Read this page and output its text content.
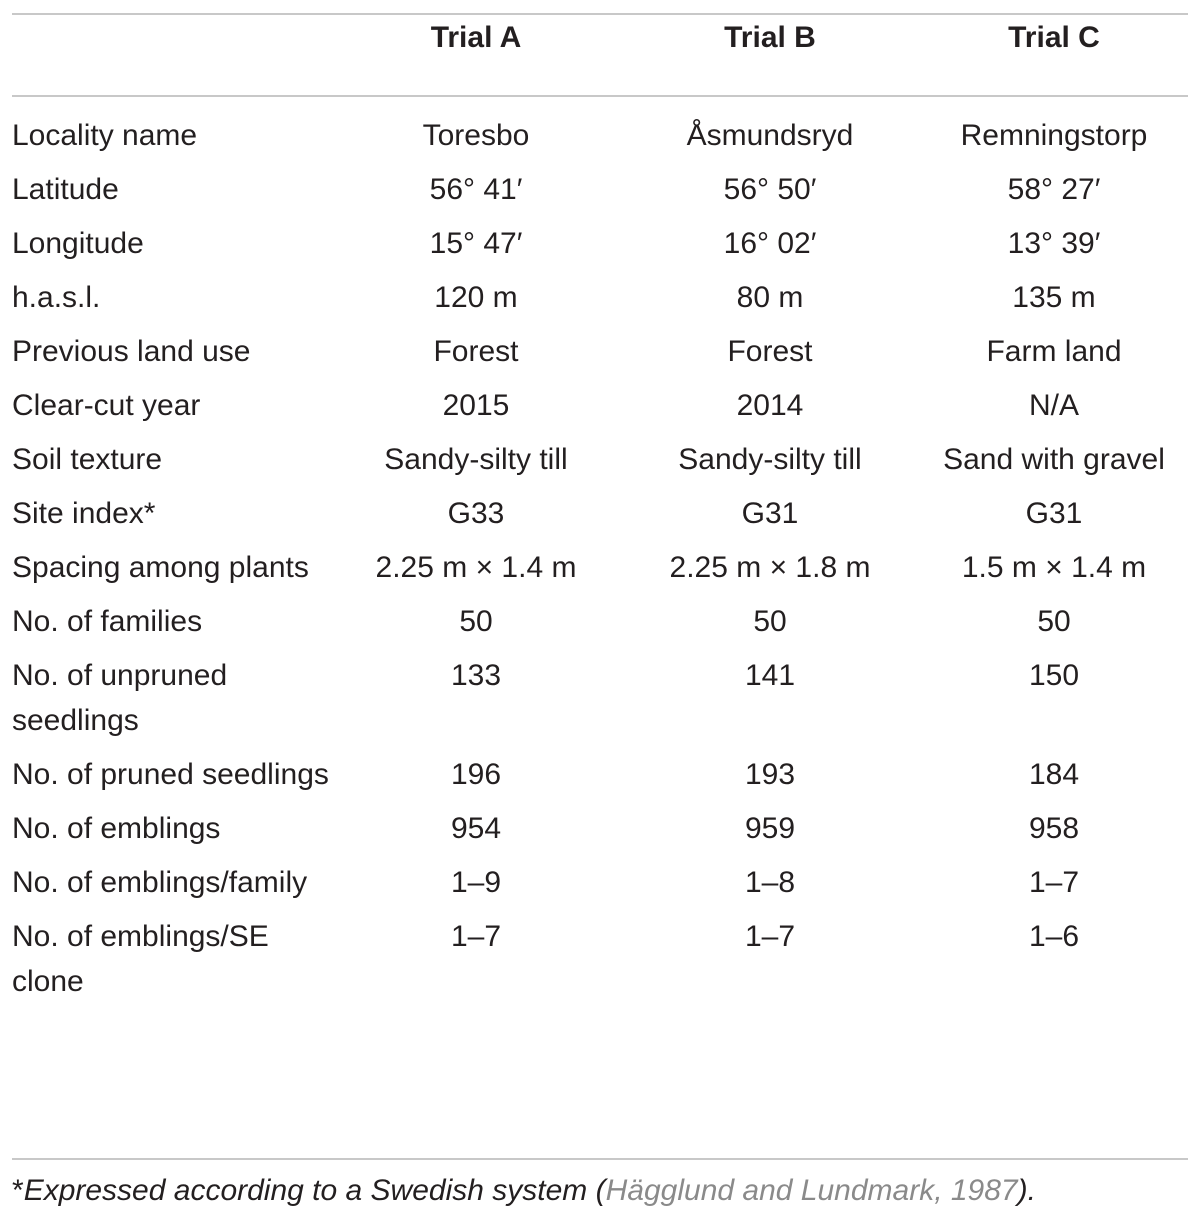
	Trial A	Trial B	Trial C
Locality name	Toresbo	Åsmundsryd	Remningstorp
Latitude	56° 41′	56° 50′	58° 27′
Longitude	15° 47′	16° 02′	13° 39′
h.a.s.l.	120 m	80 m	135 m
Previous land use	Forest	Forest	Farm land
Clear-cut year	2015	2014	N/A
Soil texture	Sandy-silty till	Sandy-silty till	Sand with gravel
Site index*	G33	G31	G31
Spacing among plants	2.25 m × 1.4 m	2.25 m × 1.8 m	1.5 m × 1.4 m
No. of families	50	50	50
No. of unpruned seedlings	133	141	150
No. of pruned seedlings	196	193	184
No. of emblings	954	959	958
No. of emblings/family	1–9	1–8	1–7
No. of emblings/SE clone	1–7	1–7	1–6
*Expressed according to a Swedish system (Hägglund and Lundmark, 1987).
